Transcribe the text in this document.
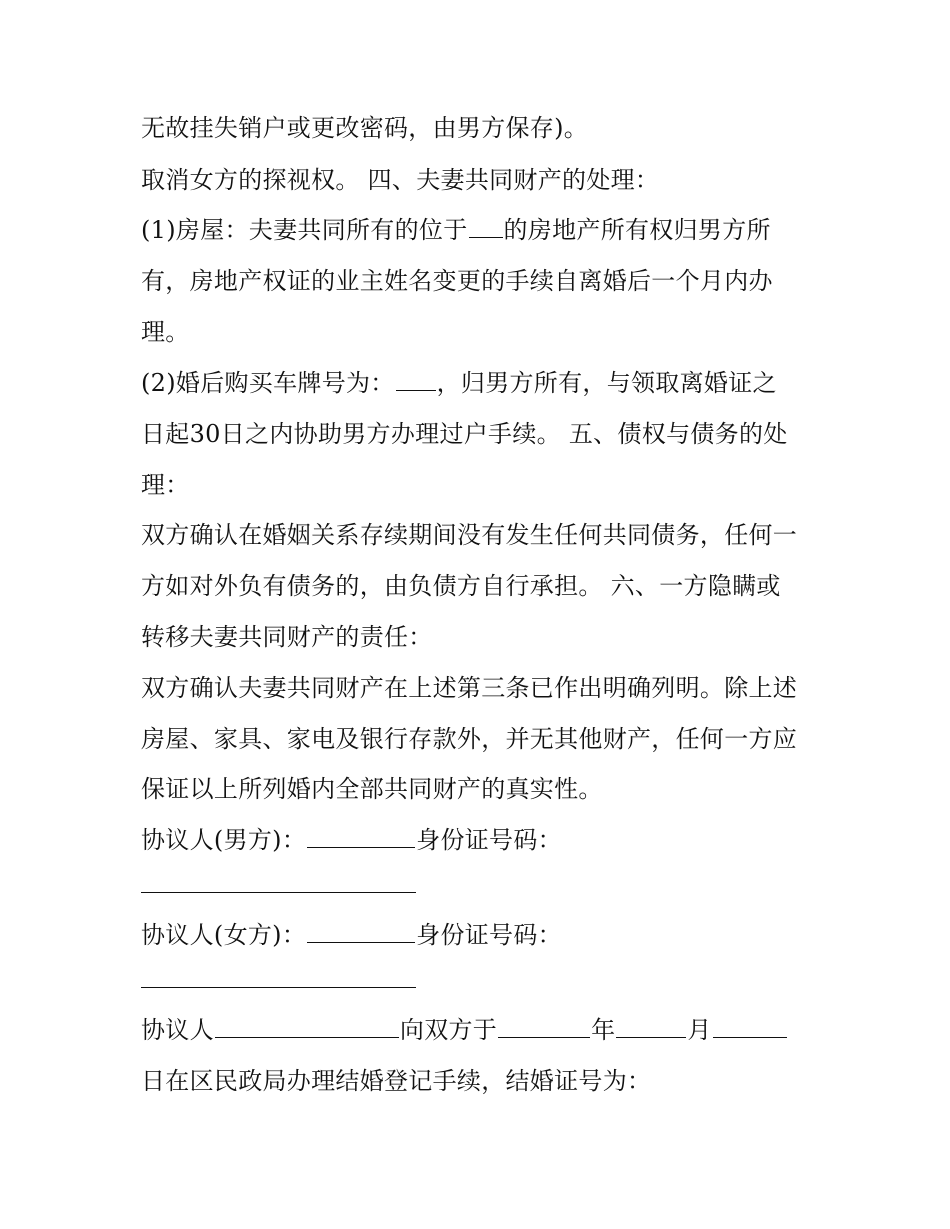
无故挂失销户或更改密码，由男方保存)。
取消女方的探视权。 四、夫妻共同财产的处理：
(1)房屋：夫妻共同所有的位于 的房地产所有权归男方所
有，房地产权证的业主姓名变更的手续自离婚后一个月内办
理。
(2)婚后购买车牌号为： ，归男方所有，与领取离婚证之
日起30日之内协助男方办理过户手续。 五、债权与债务的处
理：
双方确认在婚姻关系存续期间没有发生任何共同债务，任何一
方如对外负有债务的，由负债方自行承担。 六、一方隐瞒或
转移夫妻共同财产的责任：
双方确认夫妻共同财产在上述第三条已作出明确列明。除上述
房屋、家具、家电及银行存款外，并无其他财产，任何一方应
保证以上所列婚内全部共同财产的真实性。
协议人(男方)：	身份证号码：
协议人(女方)：	身份证号码：
协议人	向双方于	年	月
日在区民政局办理结婚登记手续，结婚证号为：
